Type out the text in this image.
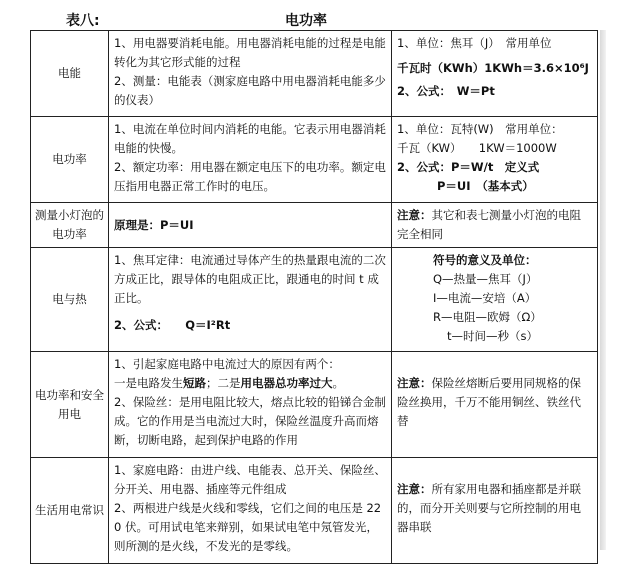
表八:	电功率
电能	1、用电器要消耗电能。用电器消耗电能的过程是电能转化为其它形式能的过程
2、测量：电能表（测家庭电路中用电器消耗电能多少的仪表）	1、单位：焦耳（J）　常用单位
千瓦时（KWh）1KWh＝3.6×10⁶J
2、公式：　W＝Pt

电功率	1、电流在单位时间内消耗的电能。它表示用电器消耗电能的快慢。
2、额定功率：用电器在额定电压下的电功率。额定电压指用电器正常工作时的电压。	1、单位：瓦特(W)　常用单位：
千瓦（KW）　　1KW＝1000W
2、公式：P＝W/t　定义式
P＝UI　（基本式）

测量小灯泡的电功率	原理是：P＝UI	注意：其它和表七测量小灯泡的电阻完全相同
电与热	1、焦耳定律：电流通过导体产生的热量跟电流的二次方成正比，跟导体的电阻成正比，跟通电的时间 t 成正比。
2、公式：　　Q＝I²Rt	符号的意义及单位：
Q—热量—焦耳（J）
I—电流—安培（A）
R—电阻—欧姆（Ω）
t—时间—秒（s）

电功率和安全用电	1、引起家庭电路中电流过大的原因有两个：
一是电路发生短路；二是用电器总功率过大。
2、保险丝：是用电阻比较大，熔点比较的铅锑合金制成。它的作用是当电流过大时，保险丝温度升高而熔断，切断电路，起到保护电路的作用	注意：保险丝熔断后要用同规格的保险丝换用，千万不能用铜丝、铁丝代替
生活用电常识	1、家庭电路：由进户线、电能表、总开关、保险丝、分开关、用电器、插座等元件组成
2、两根进户线是火线和零线，它们之间的电压是 220 伏。可用试电笔来辩别，如果试电笔中氖管发光，则所测的是火线，不发光的是零线。	注意：所有家用电器和插座都是并联的，而分开关则要与它所控制的用电器串联
